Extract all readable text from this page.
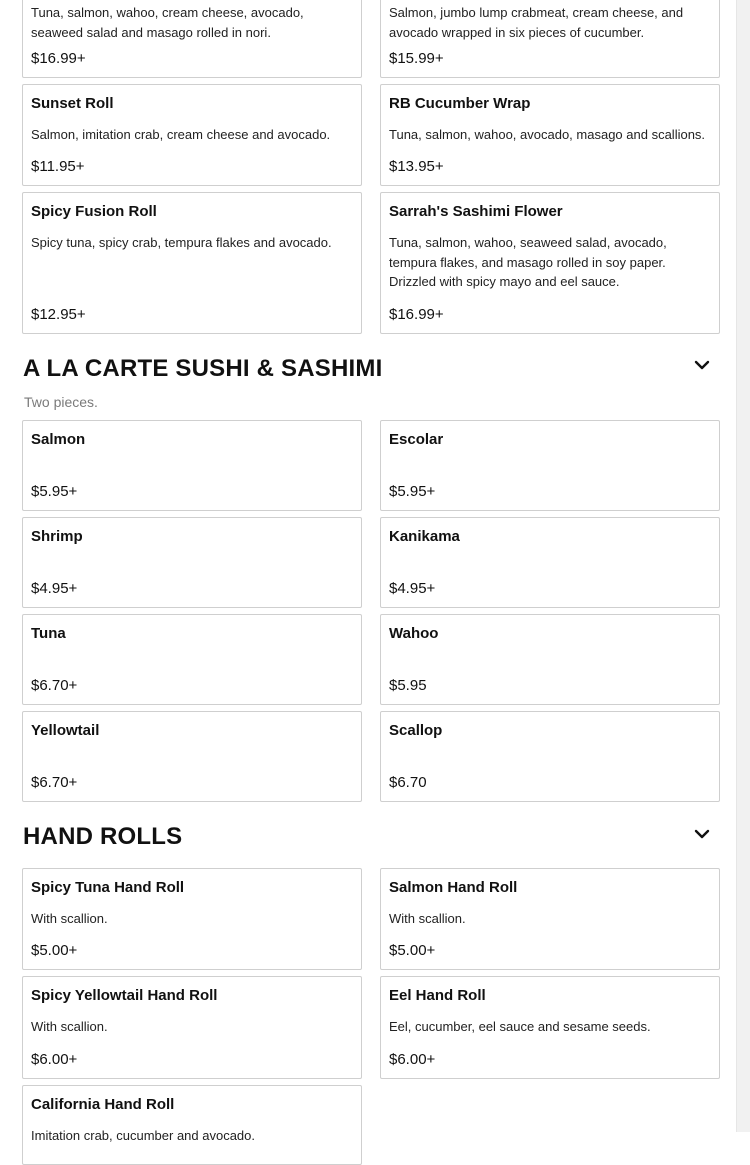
Tuna, salmon, wahoo, cream cheese, avocado, seaweed salad and masago rolled in nori.
$16.99+
Salmon, jumbo lump crabmeat, cream cheese, and avocado wrapped in six pieces of cucumber.
$15.99+
Sunset Roll
Salmon, imitation crab, cream cheese and avocado.
$11.95+
RB Cucumber Wrap
Tuna, salmon, wahoo, avocado, masago and scallions.
$13.95+
Spicy Fusion Roll
Spicy tuna, spicy crab, tempura flakes and avocado.
$12.95+
Sarrah's Sashimi Flower
Tuna, salmon, wahoo, seaweed salad, avocado, tempura flakes, and masago rolled in soy paper. Drizzled with spicy mayo and eel sauce.
$16.99+
A LA CARTE SUSHI & SASHIMI
Two pieces.
Salmon
$5.95+
Escolar
$5.95+
Shrimp
$4.95+
Kanikama
$4.95+
Tuna
$6.70+
Wahoo
$5.95
Yellowtail
$6.70+
Scallop
$6.70
HAND ROLLS
Spicy Tuna Hand Roll
With scallion.
$5.00+
Salmon Hand Roll
With scallion.
$5.00+
Spicy Yellowtail Hand Roll
With scallion.
$6.00+
Eel Hand Roll
Eel, cucumber, eel sauce and sesame seeds.
$6.00+
California Hand Roll
Imitation crab, cucumber and avocado.
